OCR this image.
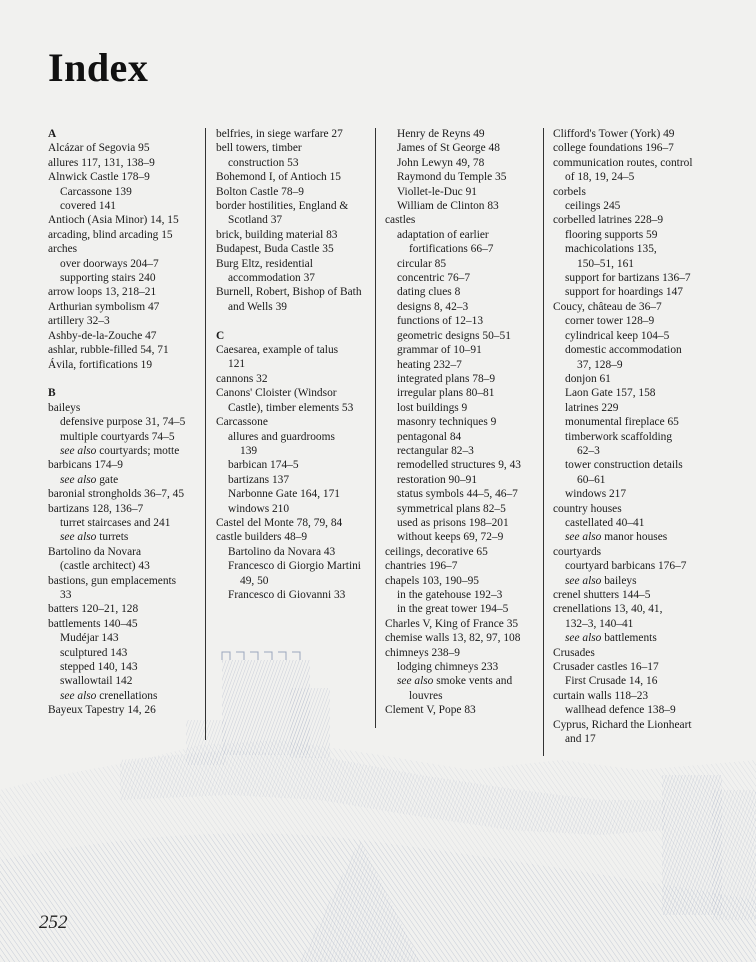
Index
A
Alcázar of Segovia 95
allures 117, 131, 138–9
Alnwick Castle 178–9
Carcassone 139
covered 141
Antioch (Asia Minor) 14, 15
arcading, blind arcading 15
arches
over doorways 204–7
supporting stairs 240
arrow loops 13, 218–21
Arthurian symbolism 47
artillery 32–3
Ashby-de-la-Zouche 47
ashlar, rubble-filled 54, 71
Ávila, fortifications 19
B
baileys
defensive purpose 31, 74–5
multiple courtyards 74–5
see also courtyards; motte
barbicans 174–9
see also gate
baronial strongholds 36–7, 45
bartizans 128, 136–7
turret staircases and 241
see also turrets
Bartolino da Novara
(castle architect) 43
bastions, gun emplacements
33
batters 120–21, 128
battlements 140–45
Mudéjar 143
sculptured 143
stepped 140, 143
swallowtail 142
see also crenellations
Bayeux Tapestry 14, 26
belfries, in siege warfare 27
bell towers, timber
construction 53
Bohemond I, of Antioch 15
Bolton Castle 78–9
border hostilities, England &
Scotland 37
brick, building material 83
Budapest, Buda Castle 35
Burg Eltz, residential
accommodation 37
Burnell, Robert, Bishop of Bath
and Wells 39
C
Caesarea, example of talus
121
cannons 32
Canons' Cloister (Windsor
Castle), timber elements 53
Carcassone
allures and guardrooms
139
barbican 174–5
bartizans 137
Narbonne Gate 164, 171
windows 210
Castel del Monte 78, 79, 84
castle builders 48–9
Bartolino da Novara 43
Francesco di Giorgio Martini
49, 50
Francesco di Giovanni 33
Henry de Reyns 49
James of St George 48
John Lewyn 49, 78
Raymond du Temple 35
Viollet-le-Duc 91
William de Clinton 83
castles
adaptation of earlier
fortifications 66–7
circular 85
concentric 76–7
dating clues 8
designs 8, 42–3
functions of 12–13
geometric designs 50–51
grammar of 10–91
heating 232–7
integrated plans 78–9
irregular plans 80–81
lost buildings 9
masonry techniques 9
pentagonal 84
rectangular 82–3
remodelled structures 9, 43
restoration 90–91
status symbols 44–5, 46–7
symmetrical plans 82–5
used as prisons 198–201
without keeps 69, 72–9
ceilings, decorative 65
chantries 196–7
chapels 103, 190–95
in the gatehouse 192–3
in the great tower 194–5
Charles V, King of France 35
chemise walls 13, 82, 97, 108
chimneys 238–9
lodging chimneys 233
see also smoke vents and
louvres
Clement V, Pope 83
Clifford's Tower (York) 49
college foundations 196–7
communication routes, control
of 18, 19, 24–5
corbels
ceilings 245
corbelled latrines 228–9
flooring supports 59
machicolations 135,
150–51, 161
support for bartizans 136–7
support for hoardings 147
Coucy, château de 36–7
corner tower 128–9
cylindrical keep 104–5
domestic accommodation
37, 128–9
donjon 61
Laon Gate 157, 158
latrines 229
monumental fireplace 65
timberwork scaffolding
62–3
tower construction details
60–61
windows 217
country houses
castellated 40–41
see also manor houses
courtyards
courtyard barbicans 176–7
see also baileys
crenel shutters 144–5
crenellations 13, 40, 41,
132–3, 140–41
see also battlements
Crusades
Crusader castles 16–17
First Crusade 14, 16
curtain walls 118–23
wallhead defence 138–9
Cyprus, Richard the Lionheart
and 17
252
